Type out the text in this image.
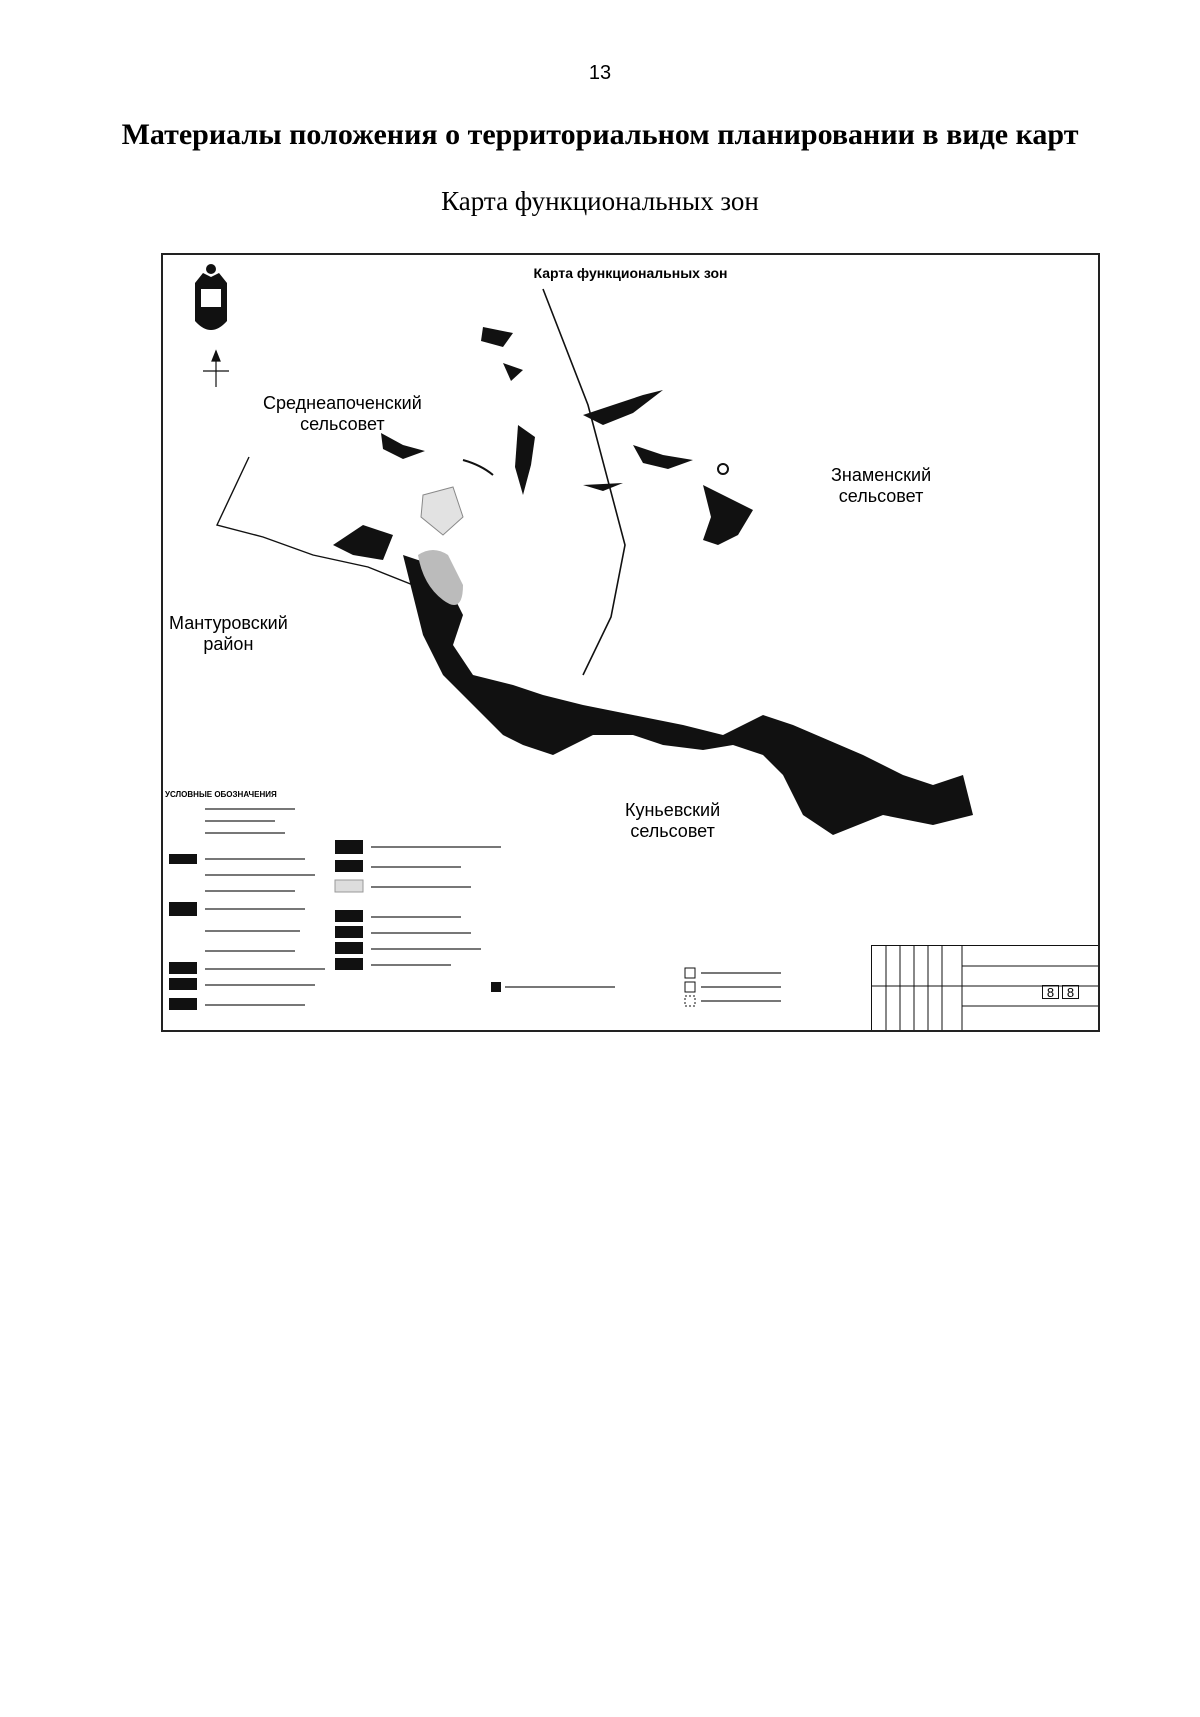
13
Материалы положения о территориальном планировании в виде карт
Карта функциональных зон
Карта функциональных зон
Среднеапоченский
сельсовет
Знаменский
сельсовет
Мантуровский
район
Куньевский
сельсовет
УСЛОВНЫЕ ОБОЗНАЧЕНИЯ
8 8
